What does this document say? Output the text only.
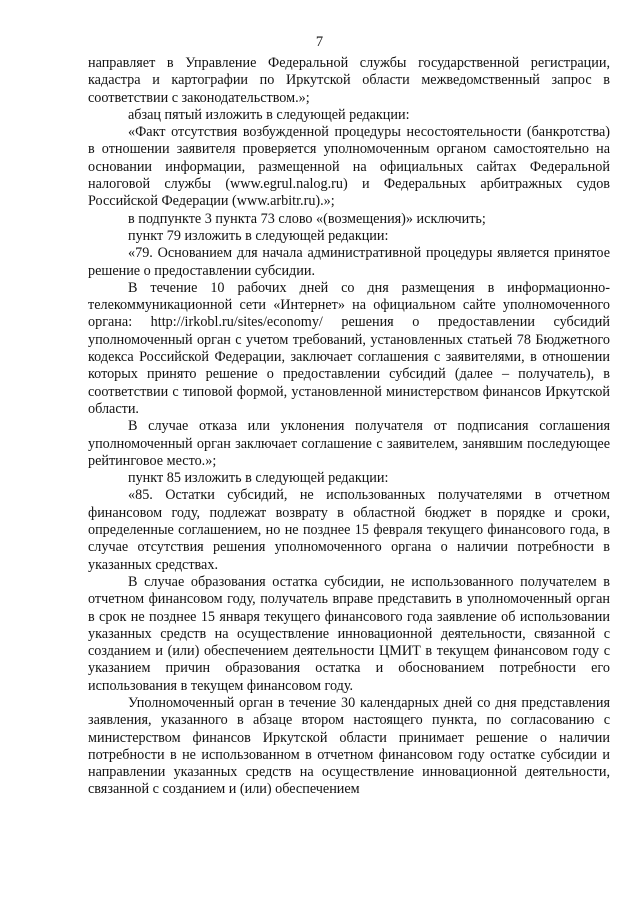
7

направляет в Управление Федеральной службы государственной регистрации, кадастра и картографии по Иркутской области межведомственный запрос в соответствии с законодательством.»;

абзац пятый изложить в следующей редакции:

«Факт отсутствия возбужденной процедуры несостоятельности (банкротства) в отношении заявителя проверяется уполномоченным органом самостоятельно на основании информации, размещенной на официальных сайтах Федеральной налоговой службы (www.egrul.nalog.ru) и Федеральных арбитражных судов Российской Федерации (www.arbitr.ru).»;

в подпункте 3 пункта 73 слово «(возмещения)» исключить;

пункт 79 изложить в следующей редакции:

«79. Основанием для начала административной процедуры является принятое решение о предоставлении субсидии.

В течение 10 рабочих дней со дня размещения в информационно-телекоммуникационной сети «Интернет» на официальном сайте уполномоченного органа: http://irkobl.ru/sites/economy/ решения о предоставлении субсидий уполномоченный орган с учетом требований, установленных статьей 78 Бюджетного кодекса Российской Федерации, заключает соглашения с заявителями, в отношении которых принято решение о предоставлении субсидий (далее – получатель), в соответствии с типовой формой, установленной министерством финансов Иркутской области.

В случае отказа или уклонения получателя от подписания соглашения уполномоченный орган заключает соглашение с заявителем, занявшим последующее рейтинговое место.»;

пункт 85 изложить в следующей редакции:

«85. Остатки субсидий, не использованных получателями в отчетном финансовом году, подлежат возврату в областной бюджет в порядке и сроки, определенные соглашением, но не позднее 15 февраля текущего финансового года, в случае отсутствия решения уполномоченного органа о наличии потребности в указанных средствах.

В случае образования остатка субсидии, не использованного получателем в отчетном финансовом году, получатель вправе представить в уполномоченный орган в срок не позднее 15 января текущего финансового года заявление об использовании указанных средств на осуществление инновационной деятельности, связанной с созданием и (или) обеспечением деятельности ЦМИТ в текущем финансовом году с указанием причин образования остатка и обоснованием потребности его использования в текущем финансовом году.

Уполномоченный орган в течение 30 календарных дней со дня представления заявления, указанного в абзаце втором настоящего пункта, по согласованию с министерством финансов Иркутской области принимает решение о наличии потребности в не использованном в отчетном финансовом году остатке субсидии и направлении указанных средств на осуществление инновационной деятельности, связанной с созданием и (или) обеспечением
